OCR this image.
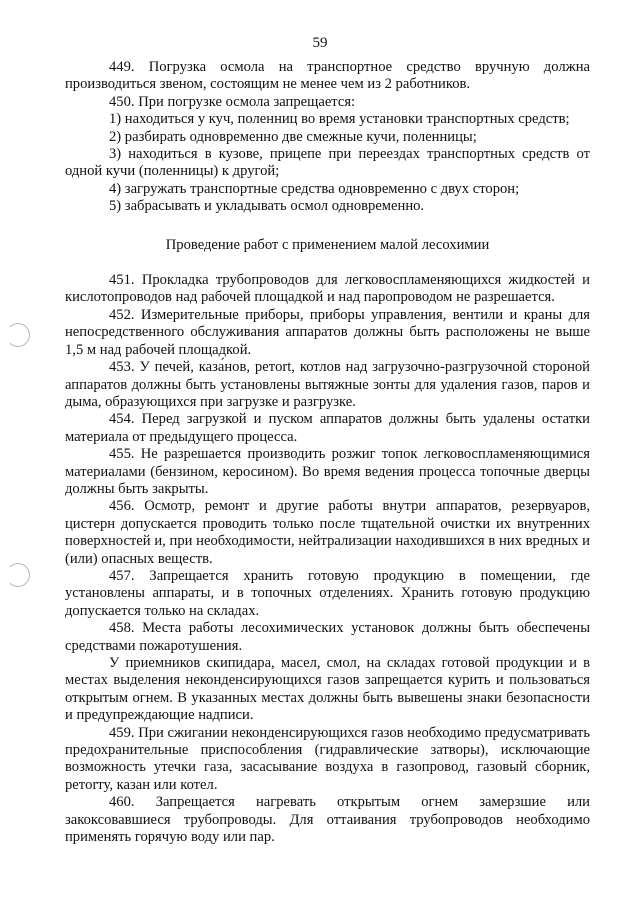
59

449. Погрузка осмола на транспортное средство вручную должна производиться звеном, состоящим не менее чем из 2 работников.

450. При погрузке осмола запрещается:

1) находиться у куч, поленниц во время установки транспортных средств;

2) разбирать одновременно две смежные кучи, поленницы;

3) находиться в кузове, прицепе при переездах транспортных средств от одной кучи (поленницы) к другой;

4) загружать транспортные средства одновременно с двух сторон;

5) забрасывать и укладывать осмол одновременно.

Проведение работ с применением малой лесохимии

451. Прокладка трубопроводов для легковоспламеняющихся жидкостей и кислотопроводов над рабочей площадкой и над паропроводом не разрешается.

452. Измерительные приборы, приборы управления, вентили и краны для непосредственного обслуживания аппаратов должны быть расположены не выше 1,5 м над рабочей площадкой.

453. У печей, каза́нов, ретort, котлов над загрузочно-разгрузочной стороной аппаратов должны быть установлены вытяжные зонты для удаления газов, паров и дыма, образующихся при загрузке и разгрузке.

454. Перед загрузкой и пуском аппаратов должны быть удалены остатки материала от предыдущего процесса.

455. Не разрешается производить розжиг топок легковоспламеняющимися материалами (бензином, керосином). Во время ведения процесса топочные дверцы должны быть закрыты.

456. Осмотр, ремонт и другие работы внутри аппаратов, резервуаров, цистерн допускается проводить только после тщательной очистки их внутренних поверхностей и, при необходимости, нейтрализации находившихся в них вредных и (или) опасных веществ.

457. Запрещается хранить готовую продукцию в помещении, где установлены аппараты, и в топочных отделениях. Хранить готовую продукцию допускается только на складах.

458. Места работы лесохимических установок должны быть обеспечены средствами пожаротушения.

У приемников скипидара, масел, смол, на складах готовой продукции и в местах выделения неконденсирующихся газов запрещается курить и пользоваться открытым огнем. В указанных местах должны быть вывешены знаки безопасности и предупреждающие надписи.

459. При сжигании неконденсирующихся газов необходимо предусматривать предохранительные приспособления (гидравлические затворы), исключающие возможность утечки газа, засасывание воздуха в газопровод, газовый сборник, ретorту, казан или котел.

460. Запрещается нагревать открытым огнем замерзшие или закоксовавшиеся трубопроводы. Для оттаивания трубопроводов необходимо применять горячую воду или пар.
